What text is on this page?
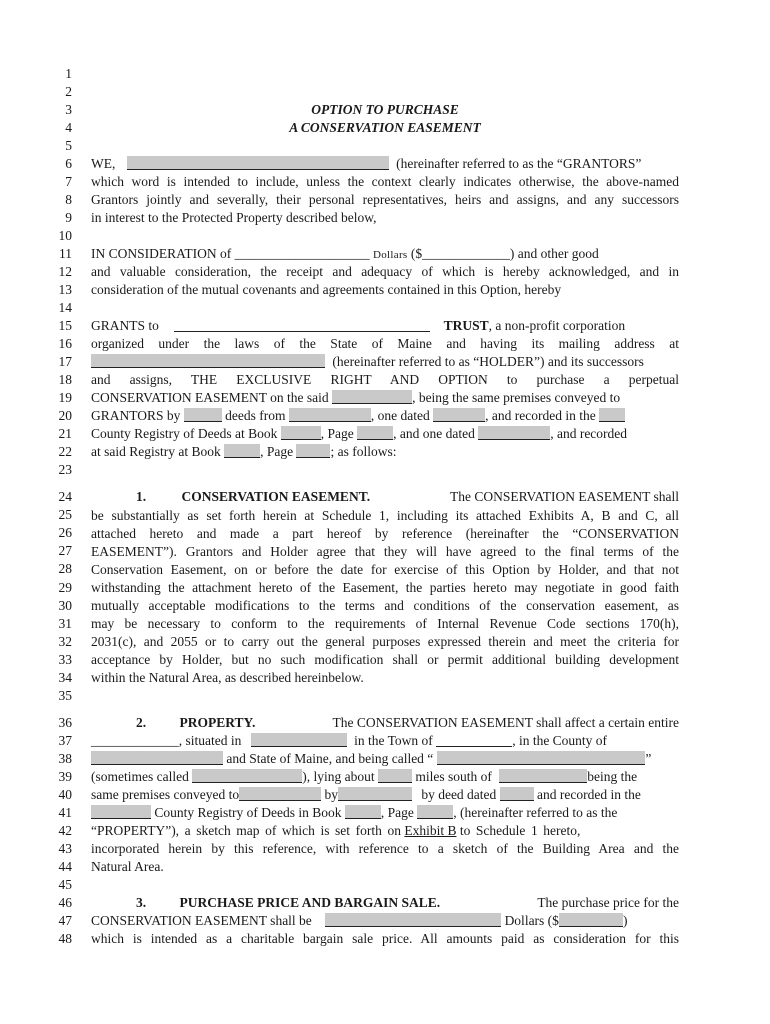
1
2
3
4
5
6
7
8
9
10
11
12
13
14
15
16
17
18
19
20
21
22
23
24
25
26
27
28
29
30
31
32
33
34
35
36
37
38
39
40
41
42
43
44
45
46
47
48
OPTION TO PURCHASE
A CONSERVATION EASEMENT
WE,	(hereinafter referred to as the “GRANTORS”
which word is intended to include, unless the context clearly indicates otherwise, the above-named
Grantors jointly and severally, their personal representatives, heirs and assigns, and any successors
in interest to the Protected Property described below,
IN CONSIDERATION of ____________________ Dollars ($_____________) and other good
and valuable consideration, the receipt and adequacy of which is hereby acknowledged, and in
consideration of the mutual covenants and agreements contained in this Option, hereby
GRANTS to	TRUST, a non-profit corporation
organized under the laws of the State of Maine and having its mailing address at
(hereinafter referred to as “HOLDER”) and its successors
and assigns, THE EXCLUSIVE RIGHT AND OPTION to purchase a perpetual
CONSERVATION EASEMENT on the said	, being the same premises conveyed to
GRANTORS by	deeds from	, one dated	, and recorded in the
County Registry of Deeds at Book	, Page	, and one dated	, and recorded
at said Registry at Book	, Page	; as follows:
1.	CONSERVATION EASEMENT.	The CONSERVATION EASEMENT shall
be substantially as set forth herein at Schedule 1, including its attached Exhibits A, B and C, all
attached hereto and made a part hereof by reference (hereinafter the “CONSERVATION
EASEMENT”). Grantors and Holder agree that they will have agreed to the final terms of the
Conservation Easement, on or before the date for exercise of this Option by Holder, and that not
withstanding the attachment hereto of the Easement, the parties hereto may negotiate in good faith
mutually acceptable modifications to the terms and conditions of the conservation easement, as
may be necessary to conform to the requirements of Internal Revenue Code sections 170(h),
2031(c), and 2055 or to carry out the general purposes expressed therein and meet the criteria for
acceptance by Holder, but no such modification shall or permit additional building development
within the Natural Area, as described hereinbelow.
2. PROPERTY.	The CONSERVATION EASEMENT shall affect a certain entire
_____________, situated in	in the Town of	, in the County of
and State of Maine, and being called “	”
(sometimes called	), lying about	miles south of	being the
same premises conveyed to	by	by deed dated	and recorded in the
County Registry of Deeds in Book	, Page	, (hereinafter referred to as the
“PROPERTY”), a sketch map of which is set forth on Exhibit B to Schedule 1 hereto,
incorporated herein by this reference, with reference to a sketch of the Building Area and the
Natural Area.
3. PURCHASE PRICE AND BARGAIN SALE.	The purchase price for the
CONSERVATION EASEMENT shall be	Dollars ($	)
which is intended as a charitable bargain sale price. All amounts paid as consideration for this
